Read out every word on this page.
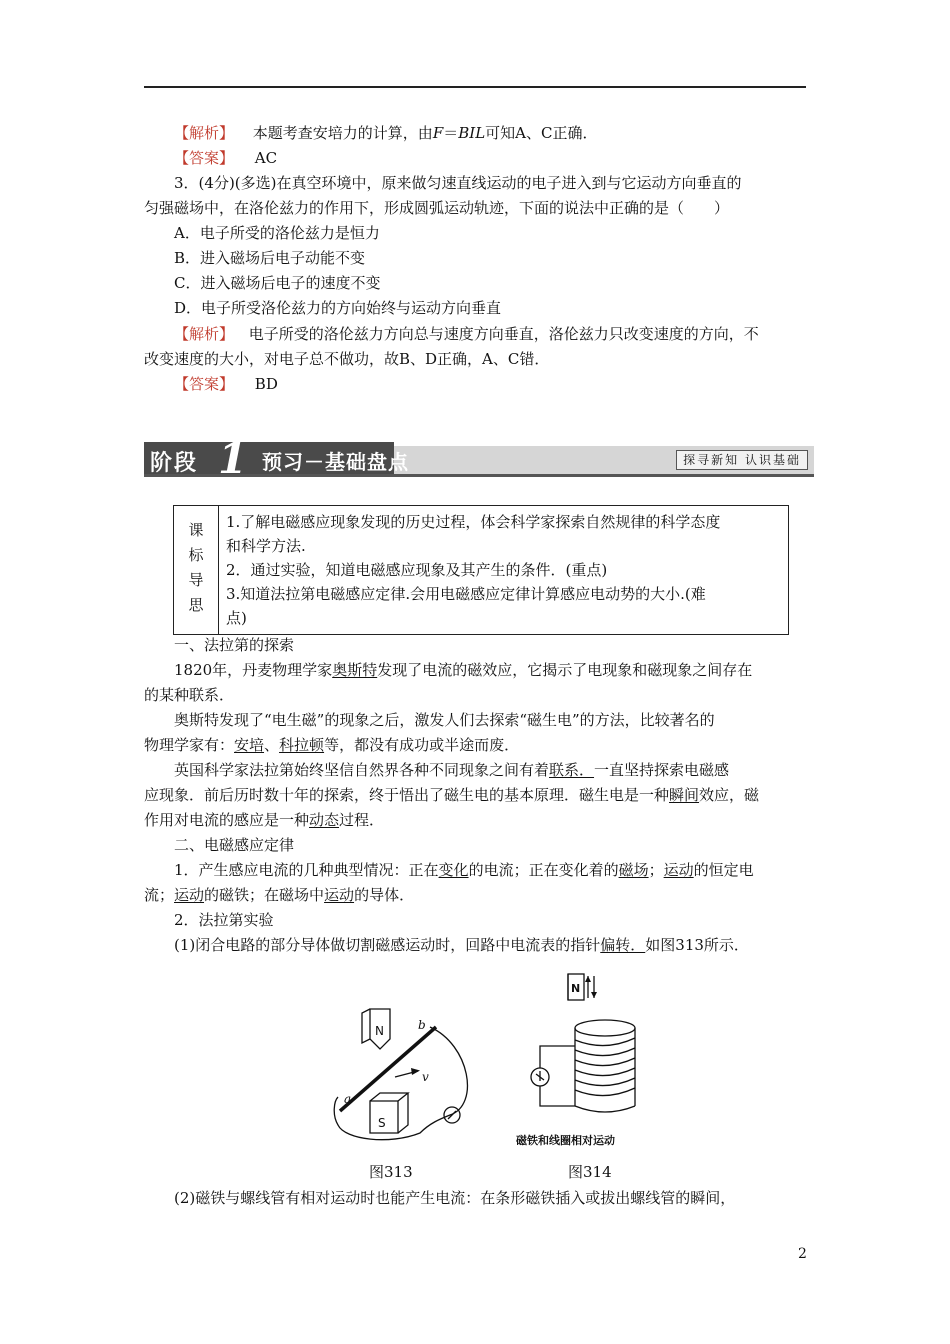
【解析】 本题考查安培力的计算，由F＝BIL可知A、C正确．
【答案】 AC
3．(4分)(多选)在真空环境中，原来做匀速直线运动的电子进入到与它运动方向垂直的
匀强磁场中，在洛伦兹力的作用下，形成圆弧运动轨迹，下面的说法中正确的是（　　）
A．电子所受的洛伦兹力是恒力
B．进入磁场后电子动能不变
C．进入磁场后电子的速度不变
D．电子所受洛伦兹力的方向始终与运动方向垂直
【解析】 电子所受的洛伦兹力方向总与速度方向垂直，洛伦兹力只改变速度的方向，不
改变速度的大小，对电子总不做功，故B、D正确，A、C错．
【答案】 BD
阶段 1 预习－基础盘点	探寻新知 认识基础
课
标
导
思
1.了解电磁感应现象发现的历史过程，体会科学家探索自然规律的科学态度
和科学方法.
2．通过实验，知道电磁感应现象及其产生的条件．(重点)
3.知道法拉第电磁感应定律.会用电磁感应定律计算感应电动势的大小.(难
点)
一、法拉第的探索
1820年，丹麦物理学家奥斯特发现了电流的磁效应，它揭示了电现象和磁现象之间存在
的某种联系．
奥斯特发现了“电生磁”的现象之后，激发人们去探索“磁生电”的方法，比较著名的
物理学家有：安培、科拉顿等，都没有成功或半途而废．
英国科学家法拉第始终坚信自然界各种不同现象之间有着联系．一直坚持探索电磁感
应现象．前后历时数十年的探索，终于悟出了磁生电的基本原理．磁生电是一种瞬间效应，磁
作用对电流的感应是一种动态过程．
二、电磁感应定律
1．产生感应电流的几种典型情况：正在变化的电流；正在变化着的磁场；运动的恒定电
流；运动的磁铁；在磁场中运动的导体．
2．法拉第实验
(1)闭合电路的部分导体做切割磁感运动时，回路中电流表的指针偏转．如图313所示．
N
S
a
b
v
图313
N
磁铁和线圈相对运动
图314
(2)磁铁与螺线管有相对运动时也能产生电流：在条形磁铁插入或拔出螺线管的瞬间，
2
